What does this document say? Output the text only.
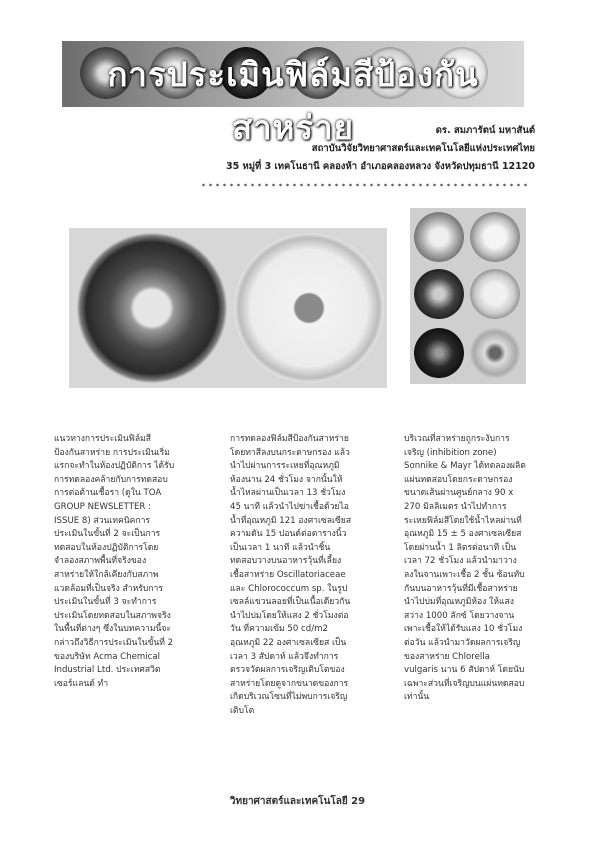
การประเมินฟิล์มสีป้องกันสาหร่าย	ดร. สมภารัตน์ มหาสันต์
สถาบันวิจัยวิทยาศาสตร์และเทคโนโลยีแห่งประเทศไทย
35 หมู่ที่ 3 เทคโนธานี คลองห้า อำเภอคลองหลวง จังหวัดปทุมธานี 12120

แนวทางการประเมินฟิล์มสีป้องกันสาหร่าย การประเมินเริ่มแรกจะทำในห้องปฏิบัติการ ได้รับการทดลองคล้ายกับการทดสอบการต่อต้านเชื้อรา (ดูใน TOA GROUP NEWSLETTER : ISSUE 8) ส่วนเทคนิคการประเมินในขั้นที่ 2 จะเป็นการทดสอบในห้องปฏิบัติการโดยจำลองสภาพพื้นที่จริงของสาหร่ายให้ใกล้เคียงกับสภาพแวดล้อมที่เป็นจริง สำหรับการประเมินในขั้นที่ 3 จะทำการประเมินโดยทดสอบในสภาพจริงในพื้นที่ต่างๆ ซึ่งในบทความนี้จะกล่าวถึงวิธีการประเมินในขั้นที่ 2 ของบริษัท Acma Chemical Industrial Ltd. ประเทศสวิตเซอร์แลนด์ ทำ

การทดลองฟิล์มสีป้องกันสาหร่าย โดยทาสีลงบนกระดาษกรอง แล้วนำไปผ่านการระเหยที่อุณหภูมิห้องนาน 24 ชั่วโมง จากนั้นให้น้ำไหลผ่านเป็นเวลา 13 ชั่วโมง 45 นาที แล้วนำไปฆ่าเชื้อด้วยไอน้ำที่อุณหภูมิ 121 องศาเซลเซียส ความดัน 15 ปอนด์ต่อตารางนิ้ว เป็นเวลา 1 นาที แล้วนำชิ้นทดสอบวางบนอาหารวุ้นที่เลี้ยงเชื้อสาหร่าย Oscillatoriaceae และ Chlorococcum sp. ในรูปเซลล์แขวนลอยที่เป็นเนื้อเดียวกัน นำไปบ่มโดยให้แสง 2 ชั่วโมงต่อวัน ที่ความเข้ม 50 cd/m2 อุณหภูมิ 22 องศาเซลเซียส เป็นเวลา 3 สัปดาห์ แล้วจึงทำการตรวจวัดผลการเจริญเติบโตของสาหร่ายโดยดูจากขนาดของการเกิดบริเวณโซนที่ไม่พบการเจริญเติบโต

บริเวณที่สาหร่ายถูกระงับการเจริญ (inhibition zone) Sonnike & Mayr ได้ทดลองผลิตแผ่นทดสอบโดยกระดาษกรองขนาดเส้นผ่านศูนย์กลาง 90 x 270 มิลลิเมตร นำไปทำการระเหยฟิล์มสีโดยใช้น้ำไหลผ่านที่อุณหภูมิ 15 ± 5 องศาเซลเซียส โดยผ่านน้ำ 1 ลิตรต่อนาที เป็นเวลา 72 ชั่วโมง แล้วนำมาวางลงในจานเพาะเชื้อ 2 ชั้น ซ้อนทับกันบนอาหารวุ้นที่มีเชื้อสาหร่าย นำไปบ่มที่อุณหภูมิห้อง ให้แสงสว่าง 1000 ลักซ์ โดยวางจานเพาะเชื้อให้ได้รับแสง 10 ชั่วโมงต่อวัน แล้วนำมาวัดผลการเจริญของสาหร่าย Chlorella vulgaris นาน 6 สัปดาห์ โดยนับเฉพาะส่วนที่เจริญบนแผ่นทดสอบเท่านั้น

วิทยาศาสตร์และเทคโนโลยี 29
